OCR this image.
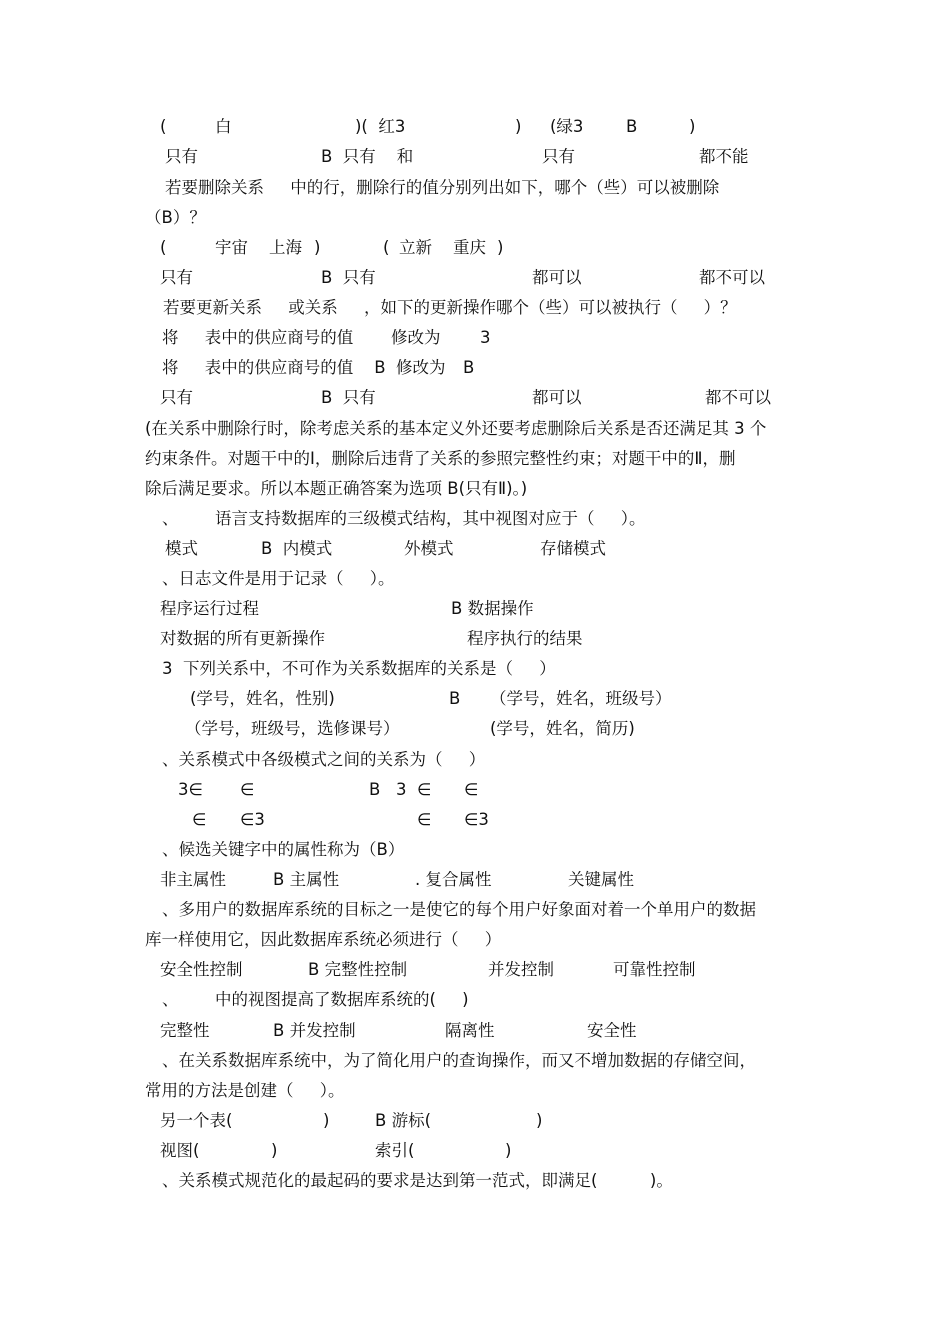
(	白	)(  红3	) (绿3	B	)
只有	B  只有    和	只有	都不能
若要删除关系     中的行，删除行的值分别列出如下，哪个（些）可以被删除
（B）？
(	宇宙    上海 )	( 立新    重庆 )
只有	B  只有	都可以	都不可以
若要更新关系     或关系     ，如下的更新操作哪个（些）可以被执行（     ）？
将     表中的供应商号的值 修改为 3
将     表中的供应商号的值    B  修改为 B
只有	B  只有	都可以	都不可以
(在关系中删除行时，除考虑关系的基本定义外还要考虑删除后关系是否还满足其 3 个
约束条件。对题干中的Ⅰ，删除后违背了关系的参照完整性约束；对题干中的Ⅱ，删
除后满足要求。所以本题正确答案为选项 B(只有Ⅱ)。)
、 语言支持数据库的三级模式结构，其中视图对应于（     ）。
模式	B  内模式	外模式	存储模式
、日志文件是用于记录（     ）。
程序运行过程	B 数据操作
对数据的所有更新操作	程序执行的结果
3  下列关系中，不可作为关系数据库的关系是（     ）
(学号，姓名，性别)	B （学号，姓名，班级号）
（学号，班级号，选修课号）	(学号，姓名，简历)
、关系模式中各级模式之间的关系为（     ）
3∈ ∈	B 3  ∈ ∈
∈ ∈3	∈ ∈3
、候选关键字中的属性称为（B）
非主属性	B 主属性	. 复合属性	关键属性
、多用户的数据库系统的目标之一是使它的每个用户好象面对着一个单用户的数据
库一样使用它，因此数据库系统必须进行（     ）
安全性控制	B 完整性控制	并发控制	可靠性控制
、 中的视图提高了数据库系统的(     )
完整性	B 并发控制	隔离性	安全性
、在关系数据库系统中，为了简化用户的查询操作，而又不增加数据的存储空间，
常用的方法是创建（     ）。
另一个表(	)	B 游标(	)
视图(	)	索引(	)
、关系模式规范化的最起码的要求是达到第一范式，即满足(          )。
